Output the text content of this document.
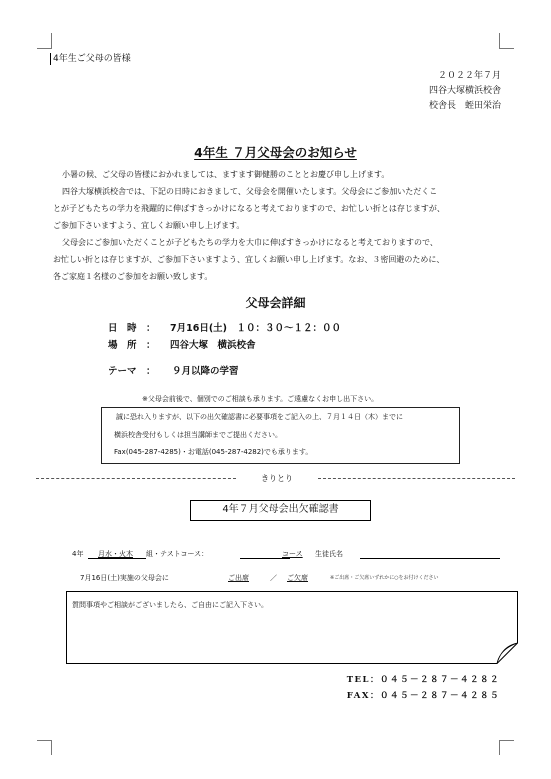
4年生ご父母の皆様
２０２２年７月
四谷大塚横浜校舎
校舎長　蛭田栄治
4年生 ７月父母会のお知らせ
小暑の候、ご父母の皆様におかれましては、ますます御健勝のこととお慶び申し上げます。
四谷大塚横浜校舎では、下記の日時におきまして、父母会を開催いたします。父母会にご参加いただくこ
とが子どもたちの学力を飛躍的に伸ばすきっかけになると考えておりますので、お忙しい折とは存じますが、
ご参加下さいますよう、宜しくお願い申し上げます。
父母会にご参加いただくことが子どもたちの学力を大巾に伸ばすきっかけになると考えておりますので、
お忙しい折とは存じますが、ご参加下さいますよう、宜しくお願い申し上げます。なお、３密回避のために、
各ご家庭１名様のご参加をお願い致します。
父母会詳細
日　時　： 7月16日(土)　１０：３０～１２：００
場　所　： 四谷大塚　横浜校舎
テーマ　： ９月以降の学習
※父母会前後で、個別でのご相談も承ります。ご遠慮なくお申し出下さい。
誠に恐れ入りますが、以下の出欠確認書に必要事項をご記入の上、７月１４日（木）までに
横浜校舎受付もしくは担当講師までご提出ください。
Fax(045-287-4285)・お電話(045-287-4282)でも承ります。
きりとり
4年７月父母会出欠確認書
4年 月水・火木 組・テストコース：	コース 生徒氏名
7月16日(土)実施の父母会に	ご出席	／ ご欠席	※ご出席・ご欠席いずれかに○をお付けください
質問事項やご相談がございましたら、ご自由にご記入下さい。
TEL：０４５－２８７－４２８２
FAX：０４５－２８７－４２８５
